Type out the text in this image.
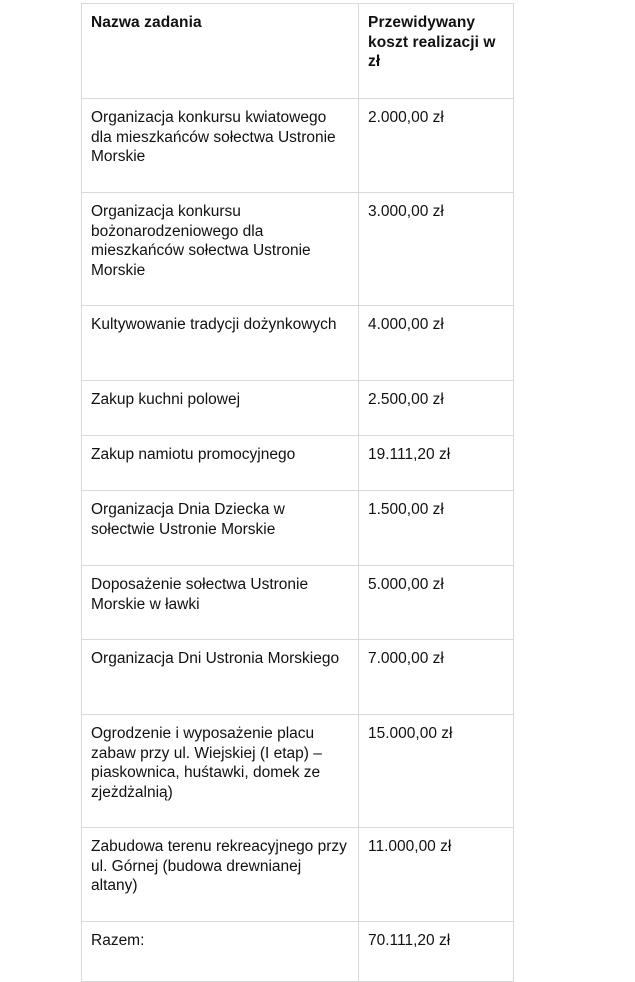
Nazwa zadania	Przewidywany koszt realizacji w zł
Organizacja konkursu kwiatowego dla mieszkańców sołectwa Ustronie Morskie	2.000,00 zł
Organizacja konkursu bożonarodzeniowego dla mieszkańców sołectwa Ustronie Morskie	3.000,00 zł
Kultywowanie tradycji dożynkowych	4.000,00 zł
Zakup kuchni polowej	2.500,00 zł
Zakup namiotu promocyjnego	19.111,20 zł
Organizacja Dnia Dziecka w sołectwie Ustronie Morskie	1.500,00 zł
Doposażenie sołectwa Ustronie Morskie w ławki	5.000,00 zł
Organizacja Dni Ustronia Morskiego	7.000,00 zł
Ogrodzenie i wyposażenie placu zabaw przy ul. Wiejskiej (I etap) – piaskownica, huśtawki, domek ze zjeżdżalnią)	15.000,00 zł
Zabudowa terenu rekreacyjnego przy ul. Górnej (budowa drewnianej altany)	11.000,00 zł
Razem:	70.111,20 zł
